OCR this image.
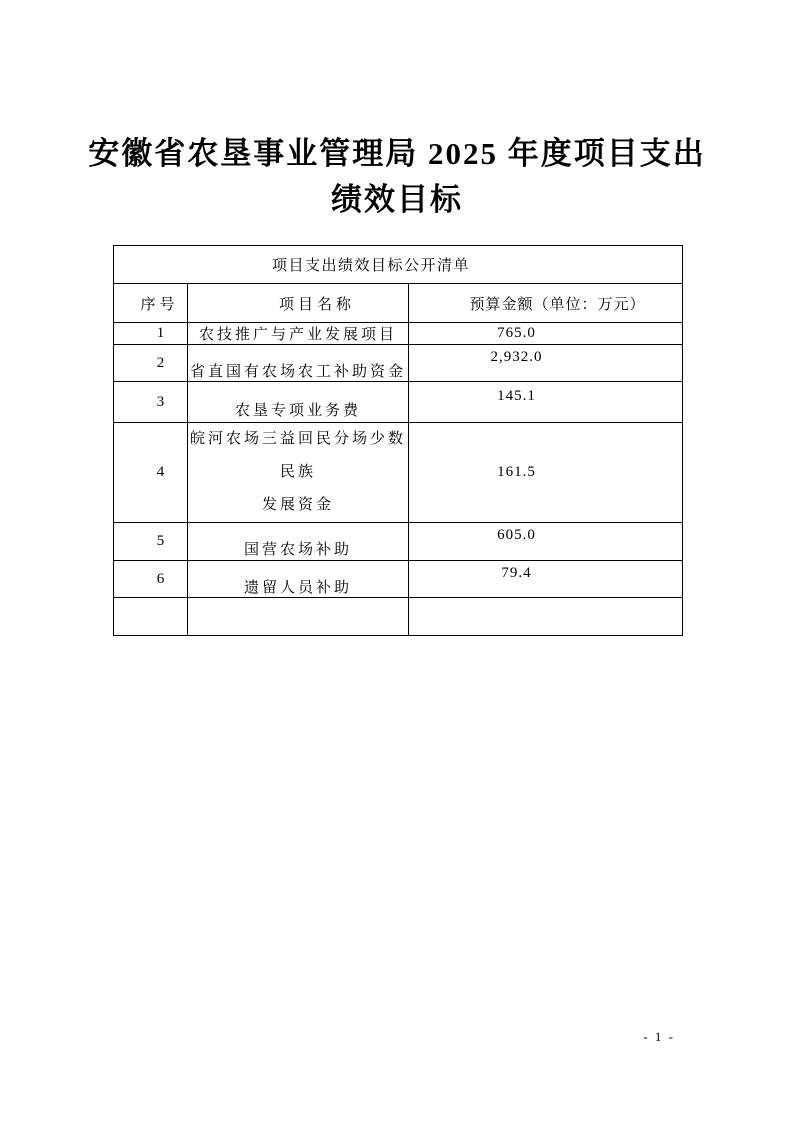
安徽省农垦事业管理局 2025 年度项目支出
绩效目标
项目支出绩效目标公开清单		
序号	项目名称	预算金额（单位：万元）
1	农技推广与产业发展项目	765.0
2	省直国有农场农工补助资金	2,932.0
3	农垦专项业务费	145.1
4	皖河农场三益回民分场少数民族
发展资金	161.5
5	国营农场补助	605.0
6	遗留人员补助	79.4

- 1 -
